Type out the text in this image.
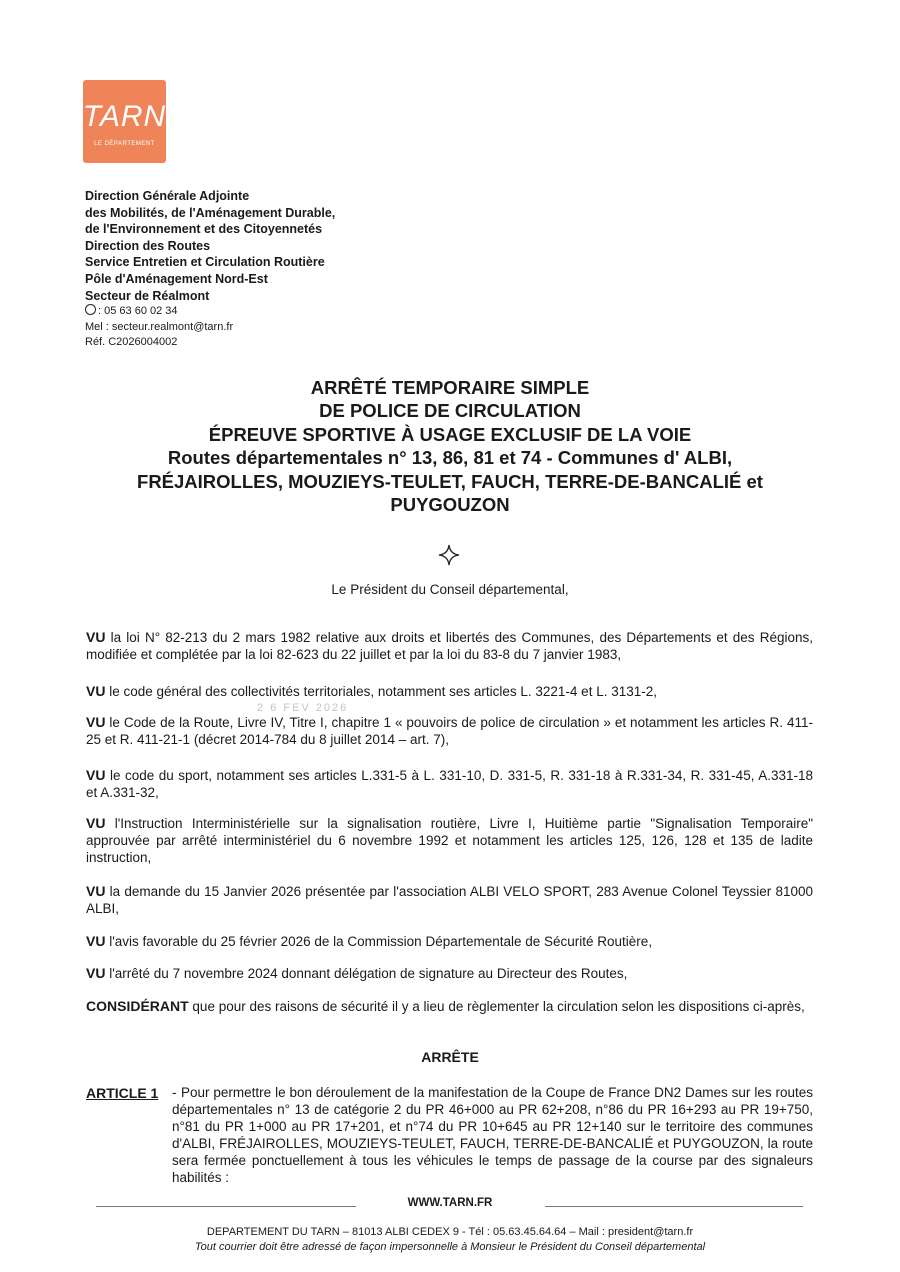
TARN
LE DÉPARTEMENT
Direction Générale Adjointe
des Mobilités, de l'Aménagement Durable,
de l'Environnement et des Citoyennetés
Direction des Routes
Service Entretien et Circulation Routière
Pôle d'Aménagement Nord-Est
Secteur de Réalmont
: 05 63 60 02 34
Mel : secteur.realmont@tarn.fr
Réf. C2026004002
ARRÊTÉ TEMPORAIRE SIMPLE
DE POLICE DE CIRCULATION
ÉPREUVE SPORTIVE À USAGE EXCLUSIF DE LA VOIE
Routes départementales n° 13, 86, 81 et 74 - Communes d' ALBI,
FRÉJAIROLLES, MOUZIEYS-TEULET, FAUCH, TERRE-DE-BANCALIÉ et
PUYGOUZON
Le Président du Conseil départemental,
2 6 FEV 2026
VU la loi N° 82-213 du 2 mars 1982 relative aux droits et libertés des Communes, des Départements et des Régions, modifiée et complétée par la loi 82-623 du 22 juillet et par la loi du 83-8 du 7 janvier 1983,
VU le code général des collectivités territoriales, notamment ses articles L. 3221-4 et L. 3131-2,
VU le Code de la Route, Livre IV, Titre I, chapitre 1 « pouvoirs de police de circulation » et notamment les articles R. 411-25 et R. 411-21-1 (décret 2014-784 du 8 juillet 2014 – art. 7),
VU le code du sport, notamment ses articles L.331-5 à L. 331-10, D. 331-5, R. 331-18 à R.331-34, R. 331-45, A.331-18 et A.331-32,
VU l'Instruction Interministérielle sur la signalisation routière, Livre I, Huitième partie "Signalisation Temporaire" approuvée par arrêté interministériel du 6 novembre 1992 et notamment les articles 125, 126, 128 et 135 de ladite instruction,
VU la demande du 15 Janvier 2026 présentée par l'association ALBI VELO SPORT, 283 Avenue Colonel Teyssier 81000 ALBI,
VU l'avis favorable du 25 février 2026 de la Commission Départementale de Sécurité Routière,
VU l'arrêté du 7 novembre 2024 donnant délégation de signature au Directeur des Routes,
CONSIDÉRANT que pour des raisons de sécurité il y a lieu de règlementer la circulation selon les dispositions ci-après,
ARRÊTE
ARTICLE 1 - Pour permettre le bon déroulement de la manifestation de la Coupe de France DN2 Dames sur les routes départementales n° 13 de catégorie 2 du PR 46+000 au PR 62+208, n°86 du PR 16+293 au PR 19+750, n°81 du PR 1+000 au PR 17+201, et n°74 du PR 10+645 au PR 12+140 sur le territoire des communes d'ALBI, FRÉJAIROLLES, MOUZIEYS-TEULET, FAUCH, TERRE-DE-BANCALIÉ et PUYGOUZON, la route sera fermée ponctuellement à tous les véhicules le temps de passage de la course par des signaleurs habilités :
WWW.TARN.FR
DEPARTEMENT DU TARN – 81013 ALBI CEDEX 9 - Tél : 05.63.45.64.64 – Mail : president@tarn.fr
Tout courrier doit être adressé de façon impersonnelle à Monsieur le Président du Conseil départemental
